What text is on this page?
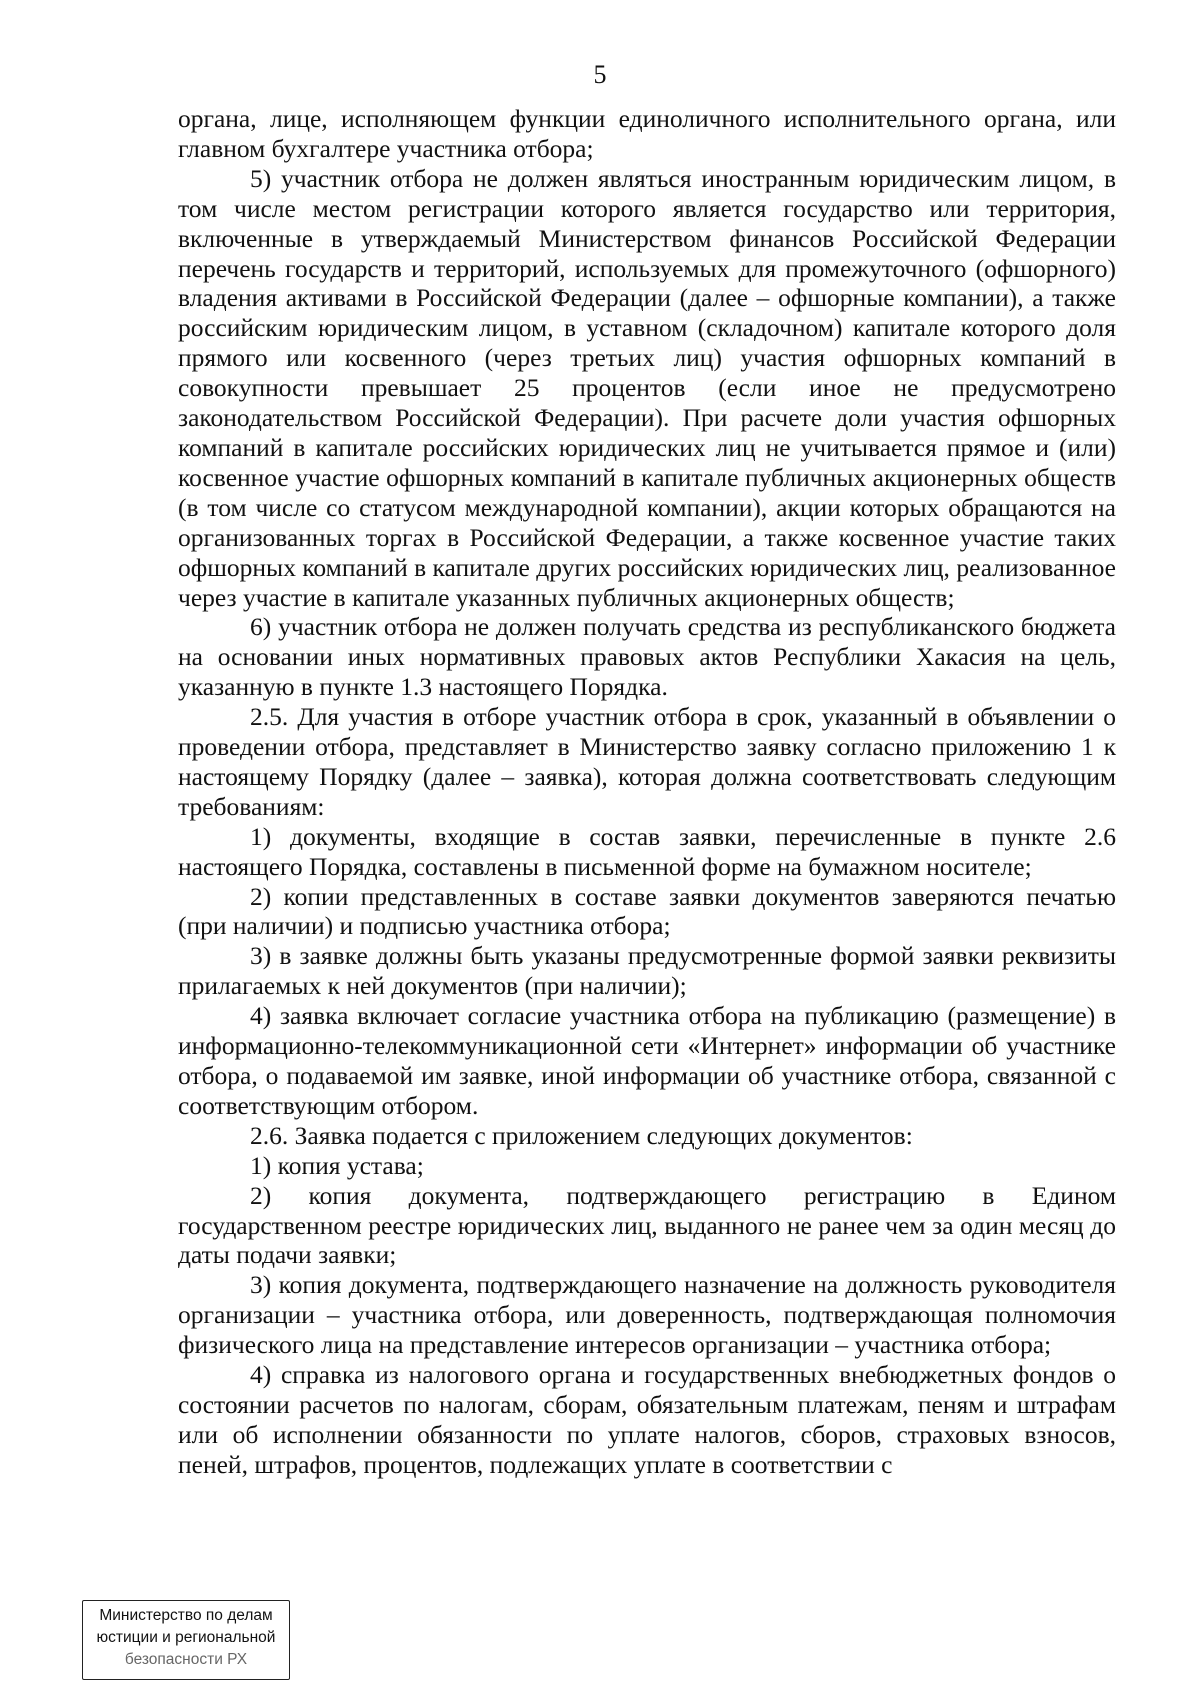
5

органа, лице, исполняющем функции единоличного исполнительного органа, или главном бухгалтере участника отбора;

5) участник отбора не должен являться иностранным юридическим лицом, в том числе местом регистрации которого является государство или территория, включенные в утверждаемый Министерством финансов Российской Федерации перечень государств и территорий, используемых для промежуточного (офшорного) владения активами в Российской Федерации (далее – офшорные компании), а также российским юридическим лицом, в уставном (складочном) капитале которого доля прямого или косвенного (через третьих лиц) участия офшорных компаний в совокупности превышает 25 процентов (если иное не предусмотрено законодательством Российской Федерации). При расчете доли участия офшорных компаний в капитале российских юридических лиц не учитывается прямое и (или) косвенное участие офшорных компаний в капитале публичных акционерных обществ (в том числе со статусом международной компании), акции которых обращаются на организованных торгах в Российской Федерации, а также косвенное участие таких офшорных компаний в капитале других российских юридических лиц, реализованное через участие в капитале указанных публичных акционерных обществ;

6) участник отбора не должен получать средства из республиканского бюджета на основании иных нормативных правовых актов Республики Хакасия на цель, указанную в пункте 1.3 настоящего Порядка.

2.5. Для участия в отборе участник отбора в срок, указанный в объявлении о проведении отбора, представляет в Министерство заявку согласно приложению 1 к настоящему Порядку (далее – заявка), которая должна соответствовать следующим требованиям:

1) документы, входящие в состав заявки, перечисленные в пункте 2.6 настоящего Порядка, составлены в письменной форме на бумажном носителе;

2) копии представленных в составе заявки документов заверяются печатью (при наличии) и подписью участника отбора;

3) в заявке должны быть указаны предусмотренные формой заявки реквизиты прилагаемых к ней документов (при наличии);

4) заявка включает согласие участника отбора на публикацию (размещение) в информационно-телекоммуникационной сети «Интернет» информации об участнике отбора, о подаваемой им заявке, иной информации об участнике отбора, связанной с соответствующим отбором.

2.6. Заявка подается с приложением следующих документов:

1) копия устава;

2) копия документа, подтверждающего регистрацию в Едином государственном реестре юридических лиц, выданного не ранее чем за один месяц до даты подачи заявки;

3) копия документа, подтверждающего назначение на должность руководителя организации – участника отбора, или доверенность, подтверждающая полномочия физического лица на представление интересов организации – участника отбора;

4) справка из налогового органа и государственных внебюджетных фондов о состоянии расчетов по налогам, сборам, обязательным платежам, пеням и штрафам или об исполнении обязанности по уплате налогов, сборов, страховых взносов, пеней, штрафов, процентов, подлежащих уплате в соответствии с

Министерство по делам
юстиции и региональной
безопасности РХ
